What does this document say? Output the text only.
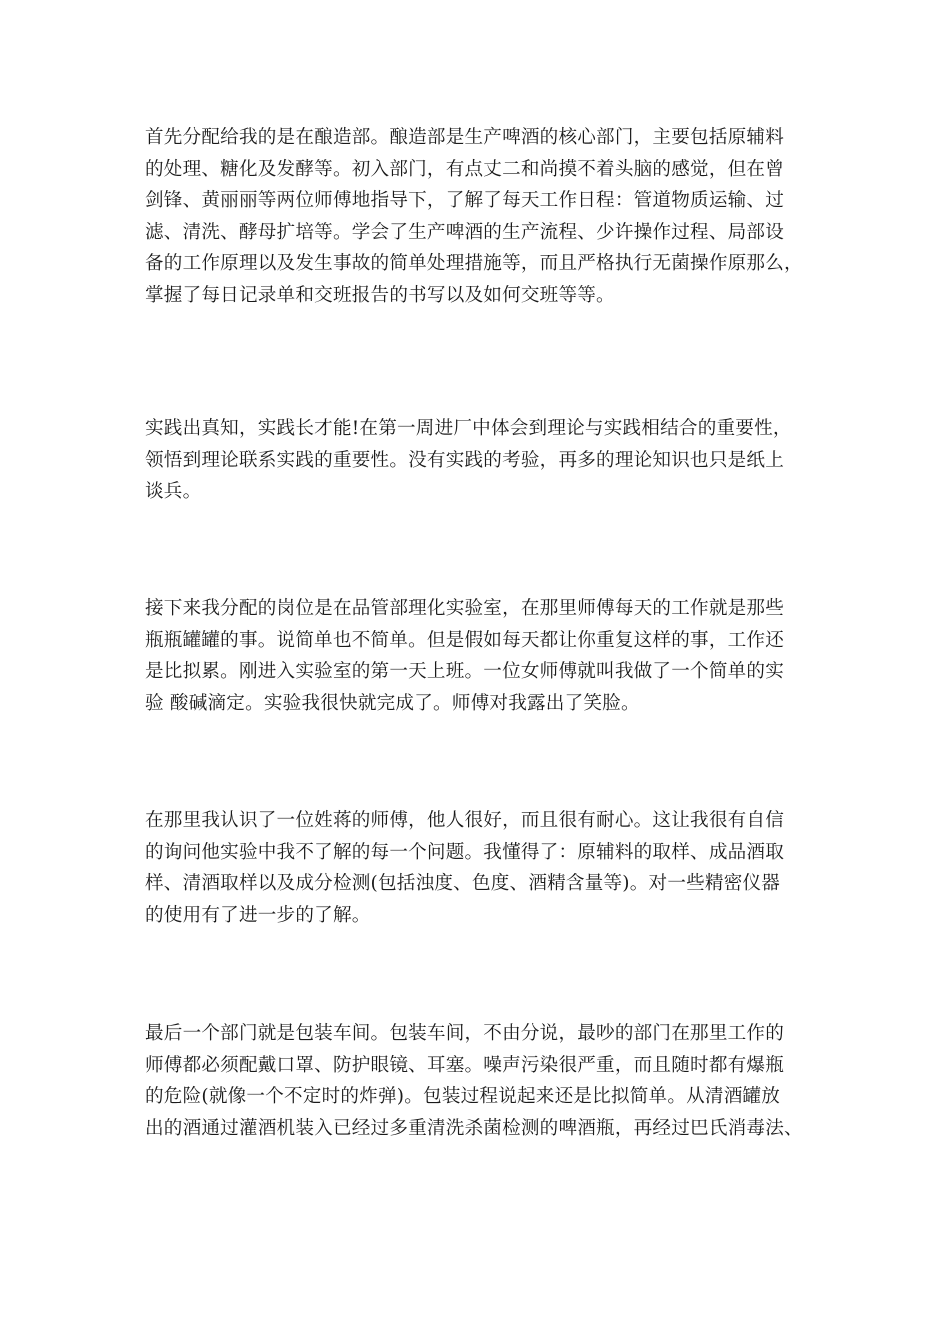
首先分配给我的是在酿造部。酿造部是生产啤酒的核心部门，主要包括原辅料
的处理、糖化及发酵等。初入部门，有点丈二和尚摸不着头脑的感觉，但在曾
剑锋、黄丽丽等两位师傅地指导下，了解了每天工作日程：管道物质运输、过
滤、清洗、酵母扩培等。学会了生产啤酒的生产流程、少许操作过程、局部设
备的工作原理以及发生事故的简单处理措施等，而且严格执行无菌操作原那么，
掌握了每日记录单和交班报告的书写以及如何交班等等。
实践出真知，实践长才能!在第一周进厂中体会到理论与实践相结合的重要性，
领悟到理论联系实践的重要性。没有实践的考验，再多的理论知识也只是纸上
谈兵。
接下来我分配的岗位是在品管部理化实验室，在那里师傅每天的工作就是那些
瓶瓶罐罐的事。说简单也不简单。但是假如每天都让你重复这样的事，工作还
是比拟累。刚进入实验室的第一天上班。一位女师傅就叫我做了一个简单的实
验 酸碱滴定。实验我很快就完成了。师傅对我露出了笑脸。
在那里我认识了一位姓蒋的师傅，他人很好，而且很有耐心。这让我很有自信
的询问他实验中我不了解的每一个问题。我懂得了：原辅料的取样、成品酒取
样、清酒取样以及成分检测(包括浊度、色度、酒精含量等)。对一些精密仪器
的使用有了进一步的了解。
最后一个部门就是包装车间。包装车间，不由分说，最吵的部门在那里工作的
师傅都必须配戴口罩、防护眼镜、耳塞。噪声污染很严重，而且随时都有爆瓶
的危险(就像一个不定时的炸弹)。包装过程说起来还是比拟简单。从清酒罐放
出的酒通过灌酒机装入已经过多重清洗杀菌检测的啤酒瓶，再经过巴氏消毒法、
